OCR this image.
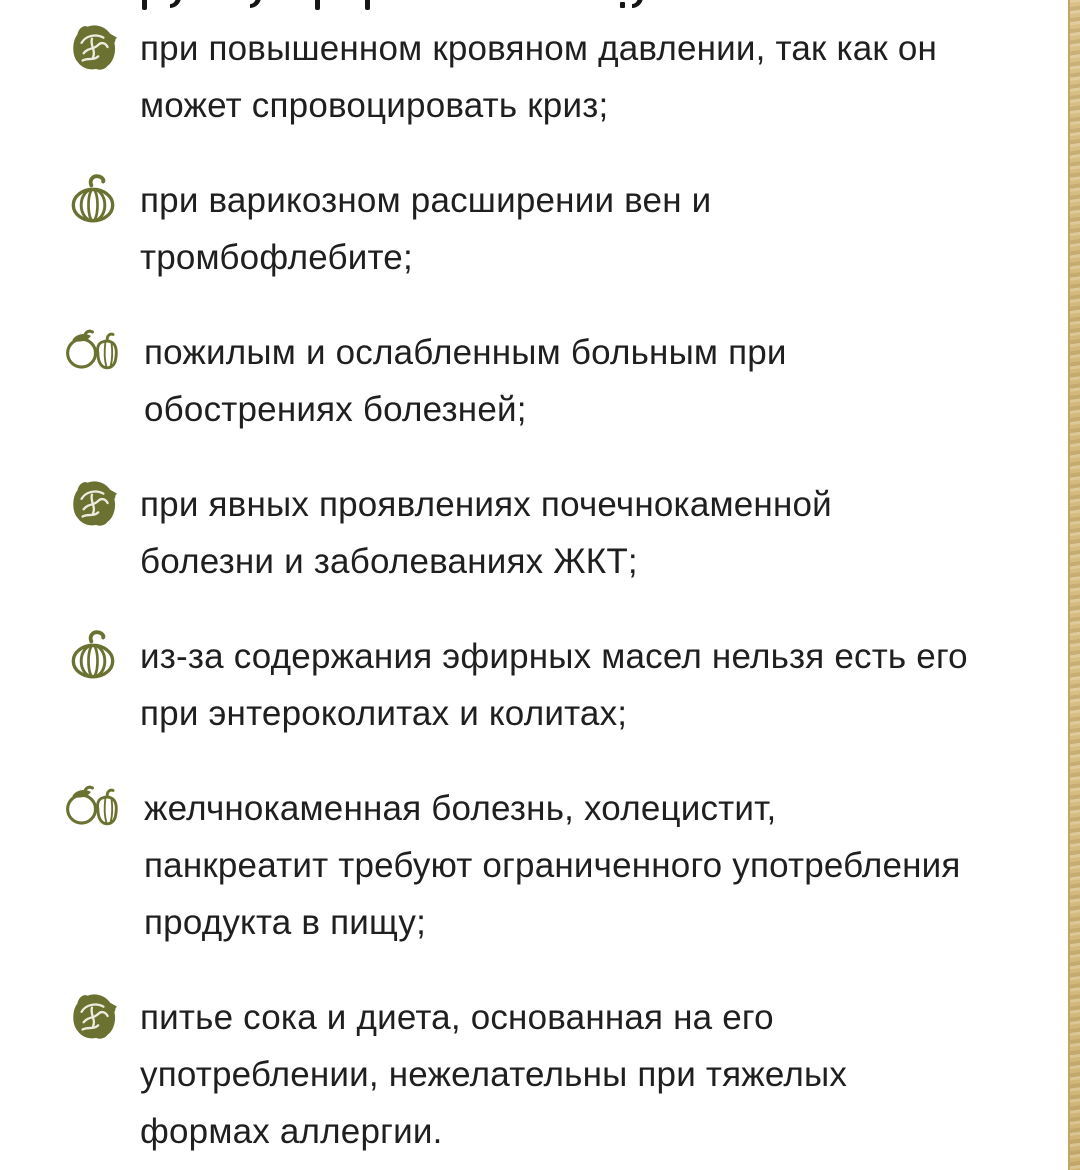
при повышенном кровяном давлении, так как он
может спровоцировать криз;
при варикозном расширении вен и
тромбофлебите;
пожилым и ослабленным больным при
обострениях болезней;
при явных проявлениях почечнокаменной
болезни и заболеваниях ЖКТ;
из-за содержания эфирных масел нельзя есть его
при энтероколитах и колитах;
желчнокаменная болезнь, холецистит,
панкреатит требуют ограниченного употребления
продукта в пищу;
питье сока и диета, основанная на его
употреблении, нежелательны при тяжелых
формах аллергии.
